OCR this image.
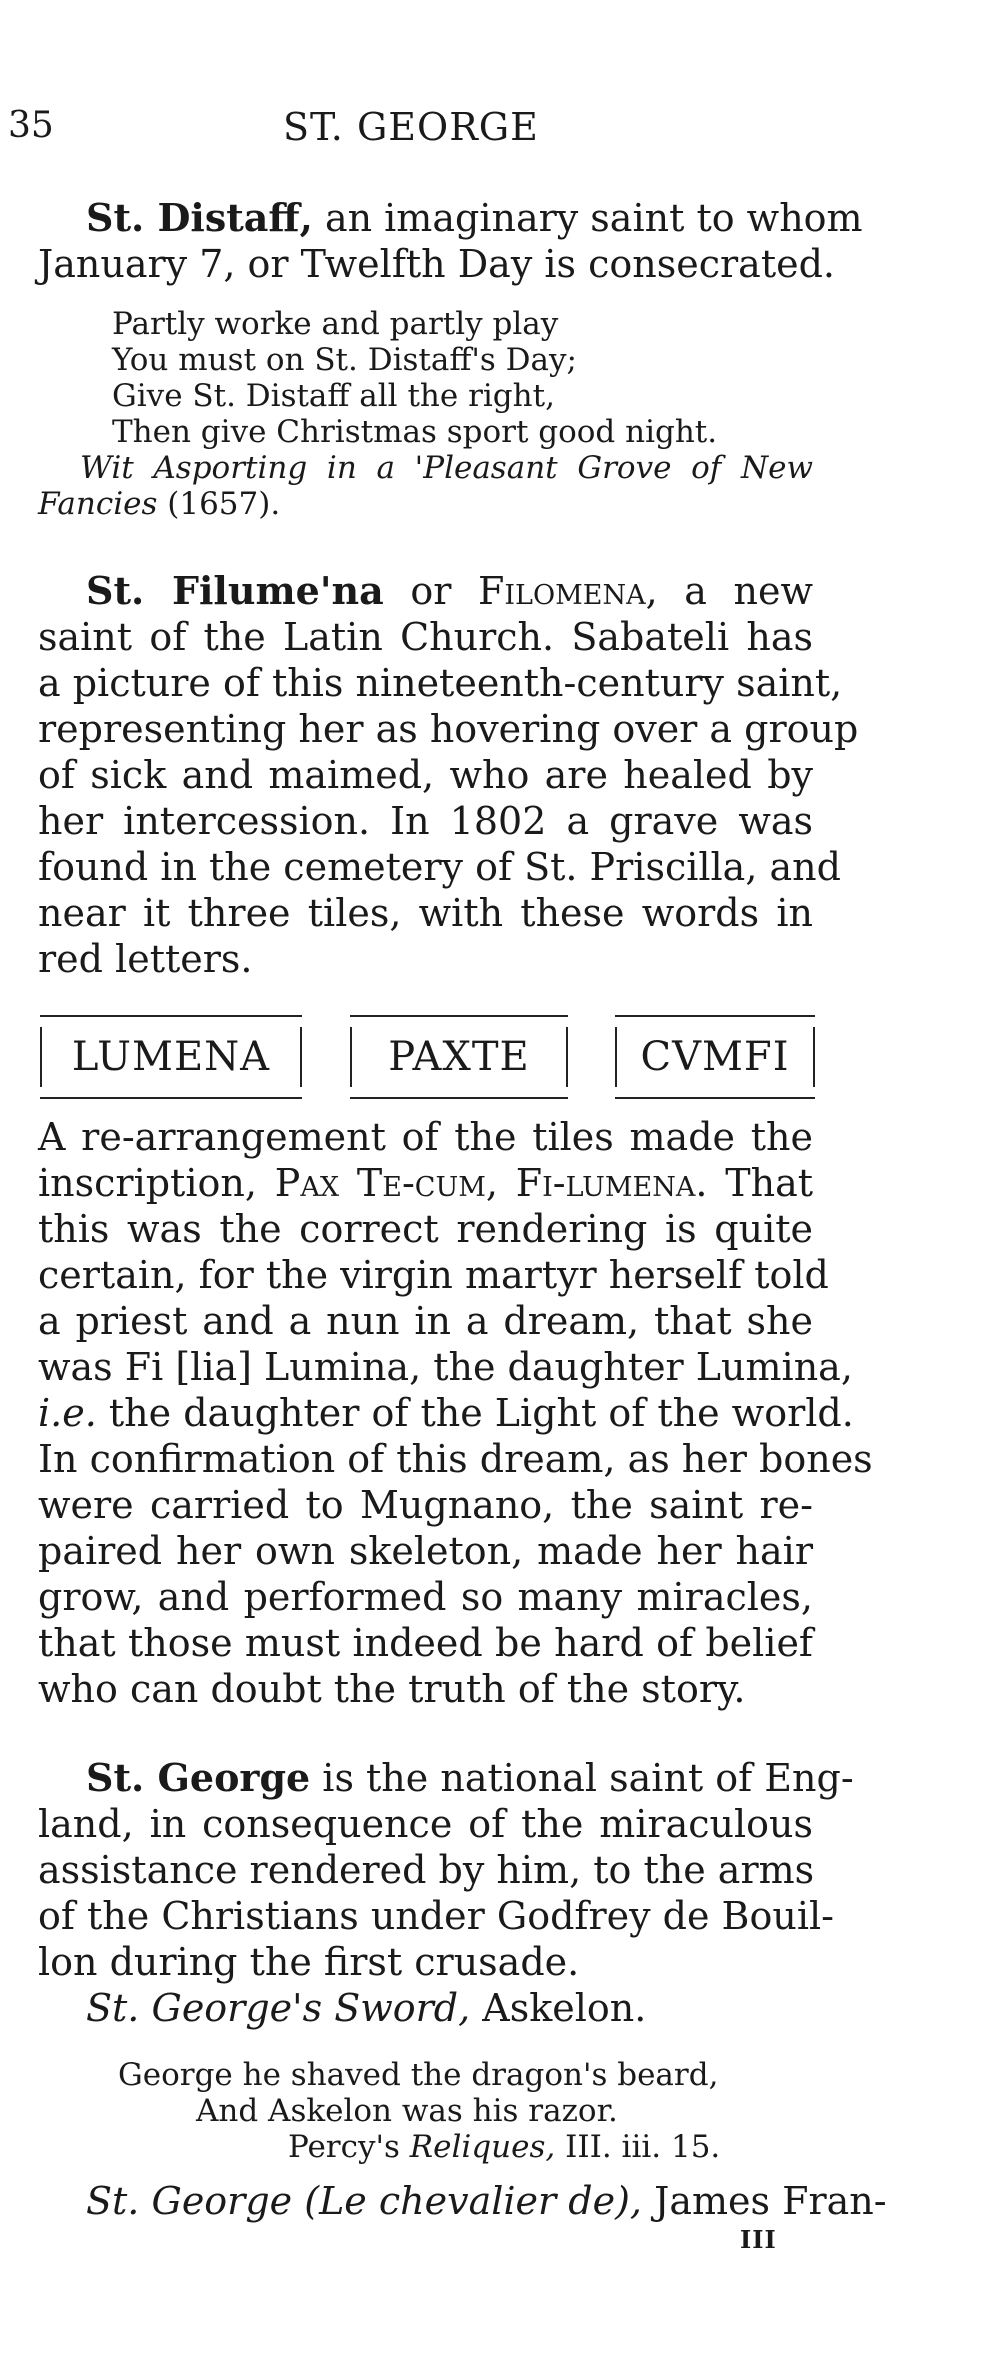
35	ST. GEORGE
St. Distaff, an imaginary saint to whom
January 7, or Twelfth Day is consecrated.
Partly worke and partly play
You must on St. Distaff's Day;
Give St. Distaff all the right,
Then give Christmas sport good night.
Wit Asporting in a 'Pleasant Grove of New
Fancies (1657).
St. Filume'na or Filomena, a new
saint of the Latin Church. Sabateli has
a picture of this nineteenth-century saint,
representing her as hovering over a group
of sick and maimed, who are healed by
her intercession. In 1802 a grave was
found in the cemetery of St. Priscilla, and
near it three tiles, with these words in
red letters.
LUMENA	PAXTE	CVMFI
A re-arrangement of the tiles made the
inscription, Pax Te-cum, Fi-lumena. That
this was the correct rendering is quite
certain, for the virgin martyr herself told
a priest and a nun in a dream, that she
was Fi [lia] Lumina, the daughter Lumina,
i.e. the daughter of the Light of the world.
In confirmation of this dream, as her bones
were carried to Mugnano, the saint re-
paired her own skeleton, made her hair
grow, and performed so many miracles,
that those must indeed be hard of belief
who can doubt the truth of the story.
St. George is the national saint of Eng-
land, in consequence of the miraculous
assistance rendered by him, to the arms
of the Christians under Godfrey de Bouil-
lon during the first crusade.
St. George's Sword, Askelon.
George he shaved the dragon's beard,
And Askelon was his razor.
Percy's Reliques, III. iii. 15.
St. George (Le chevalier de), James Fran-
III
